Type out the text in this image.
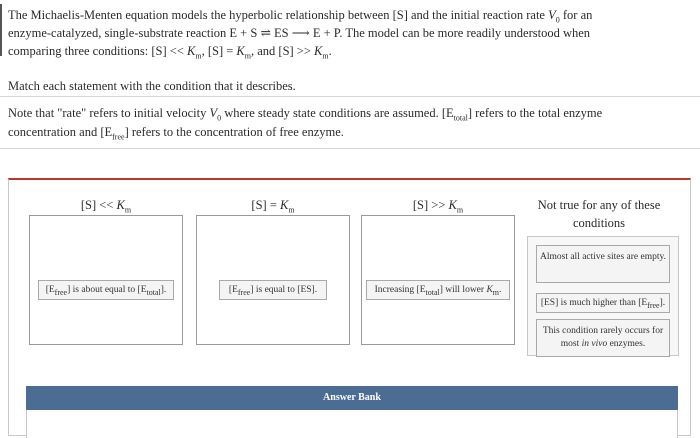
The Michaelis-Menten equation models the hyperbolic relationship between [S] and the initial reaction rate $V_0$ for an
enzyme-catalyzed, single-substrate reaction E + S ⇌ ES ⟶ E + P. The model can be more readily understood when
comparing three conditions: $[S] << K_m$, $[S] = K_m$, and $[S] >> K_m$.
Match each statement with the condition that it describes.
Note that "rate" refers to initial velocity $V_0$ where steady state conditions are assumed. $[E_{total}]$ refers to the total enzyme
concentration and $[E_{free}]$ refers to the concentration of free enzyme.
$[S] << K_m$	$[S] = K_m$	$[S] >> K_m$
$[E_{free}]$ is about equal to $[E_{total}]$.	$[E_{free}]$ is equal to [ES].	Increasing $[E_{total}]$ will lower $K_m$.
Not true for any of these conditions
Almost all active sites are empty.
[ES] is much higher than $[E_{free}]$.
This condition rarely occurs for most in vivo enzymes.
Answer Bank
